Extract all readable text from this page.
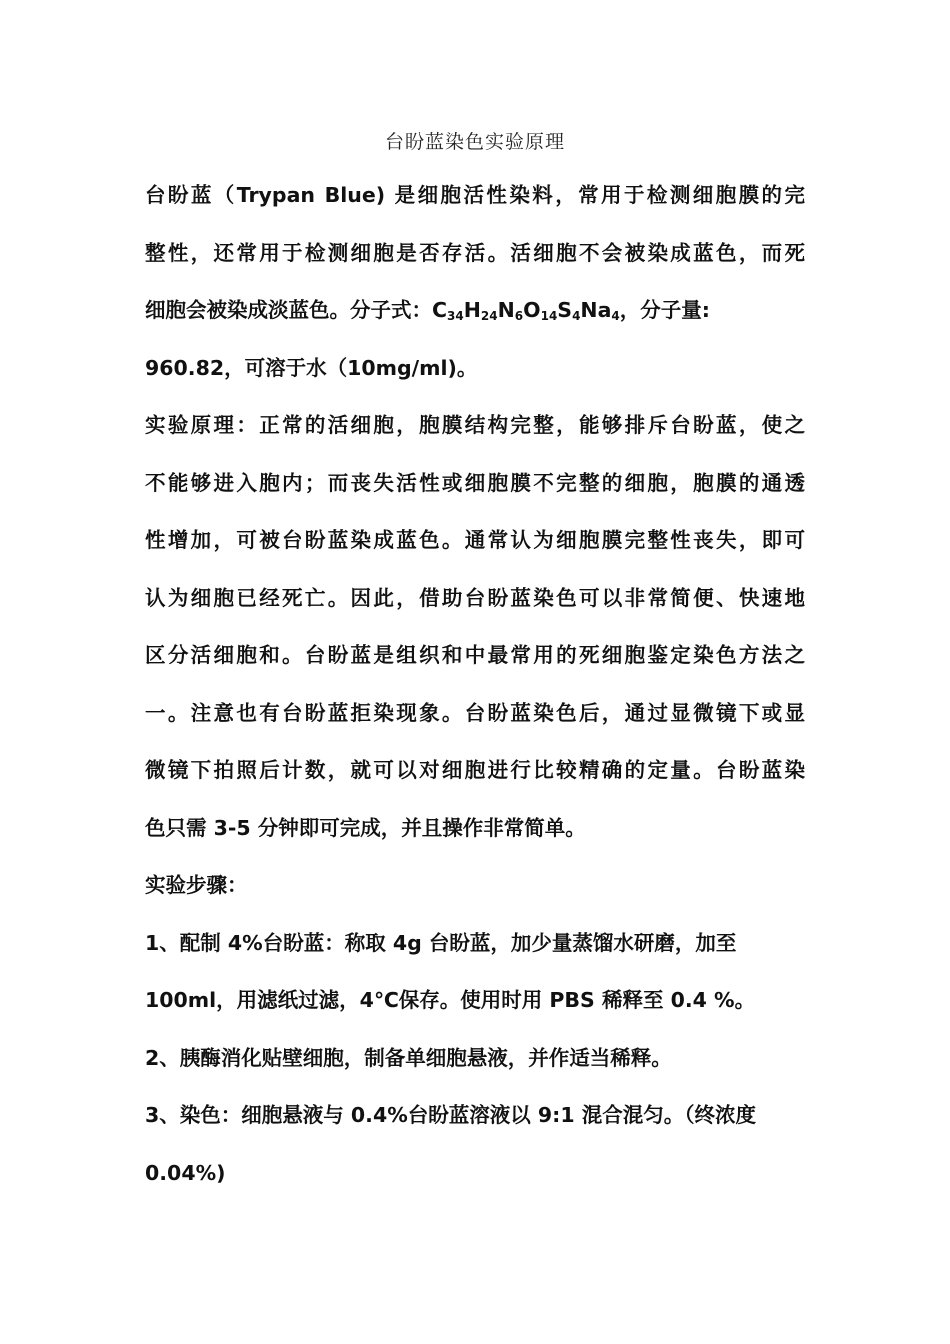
台盼蓝染色实验原理
台盼蓝（Trypan Blue) 是细胞活性染料，常用于检测细胞膜的完
整性，还常用于检测细胞是否存活。活细胞不会被染成蓝色，而死
细胞会被染成淡蓝色。分子式：$C_{34}H_{24}N_6O_{14}S_4Na_4$，分子量:
960.82，可溶于水（10mg/ml)。
实验原理：正常的活细胞，胞膜结构完整，能够排斥台盼蓝，使之
不能够进入胞内；而丧失活性或细胞膜不完整的细胞，胞膜的通透
性增加，可被台盼蓝染成蓝色。通常认为细胞膜完整性丧失，即可
认为细胞已经死亡。因此，借助台盼蓝染色可以非常简便、快速地
区分活细胞和。台盼蓝是组织和中最常用的死细胞鉴定染色方法之
一。注意也有台盼蓝拒染现象。台盼蓝染色后，通过显微镜下或显
微镜下拍照后计数，就可以对细胞进行比较精确的定量。台盼蓝染
色只需 3-5 分钟即可完成，并且操作非常简单。
实验步骤：
1、配制 4%台盼蓝：称取 4g 台盼蓝，加少量蒸馏水研磨，加至
100ml，用滤纸过滤，4℃保存。使用时用 PBS 稀释至 0.4 %。
2、胰酶消化贴壁细胞，制备单细胞悬液，并作适当稀释。
3、染色：细胞悬液与 0.4%台盼蓝溶液以 9:1 混合混匀。（终浓度
0.04%)
